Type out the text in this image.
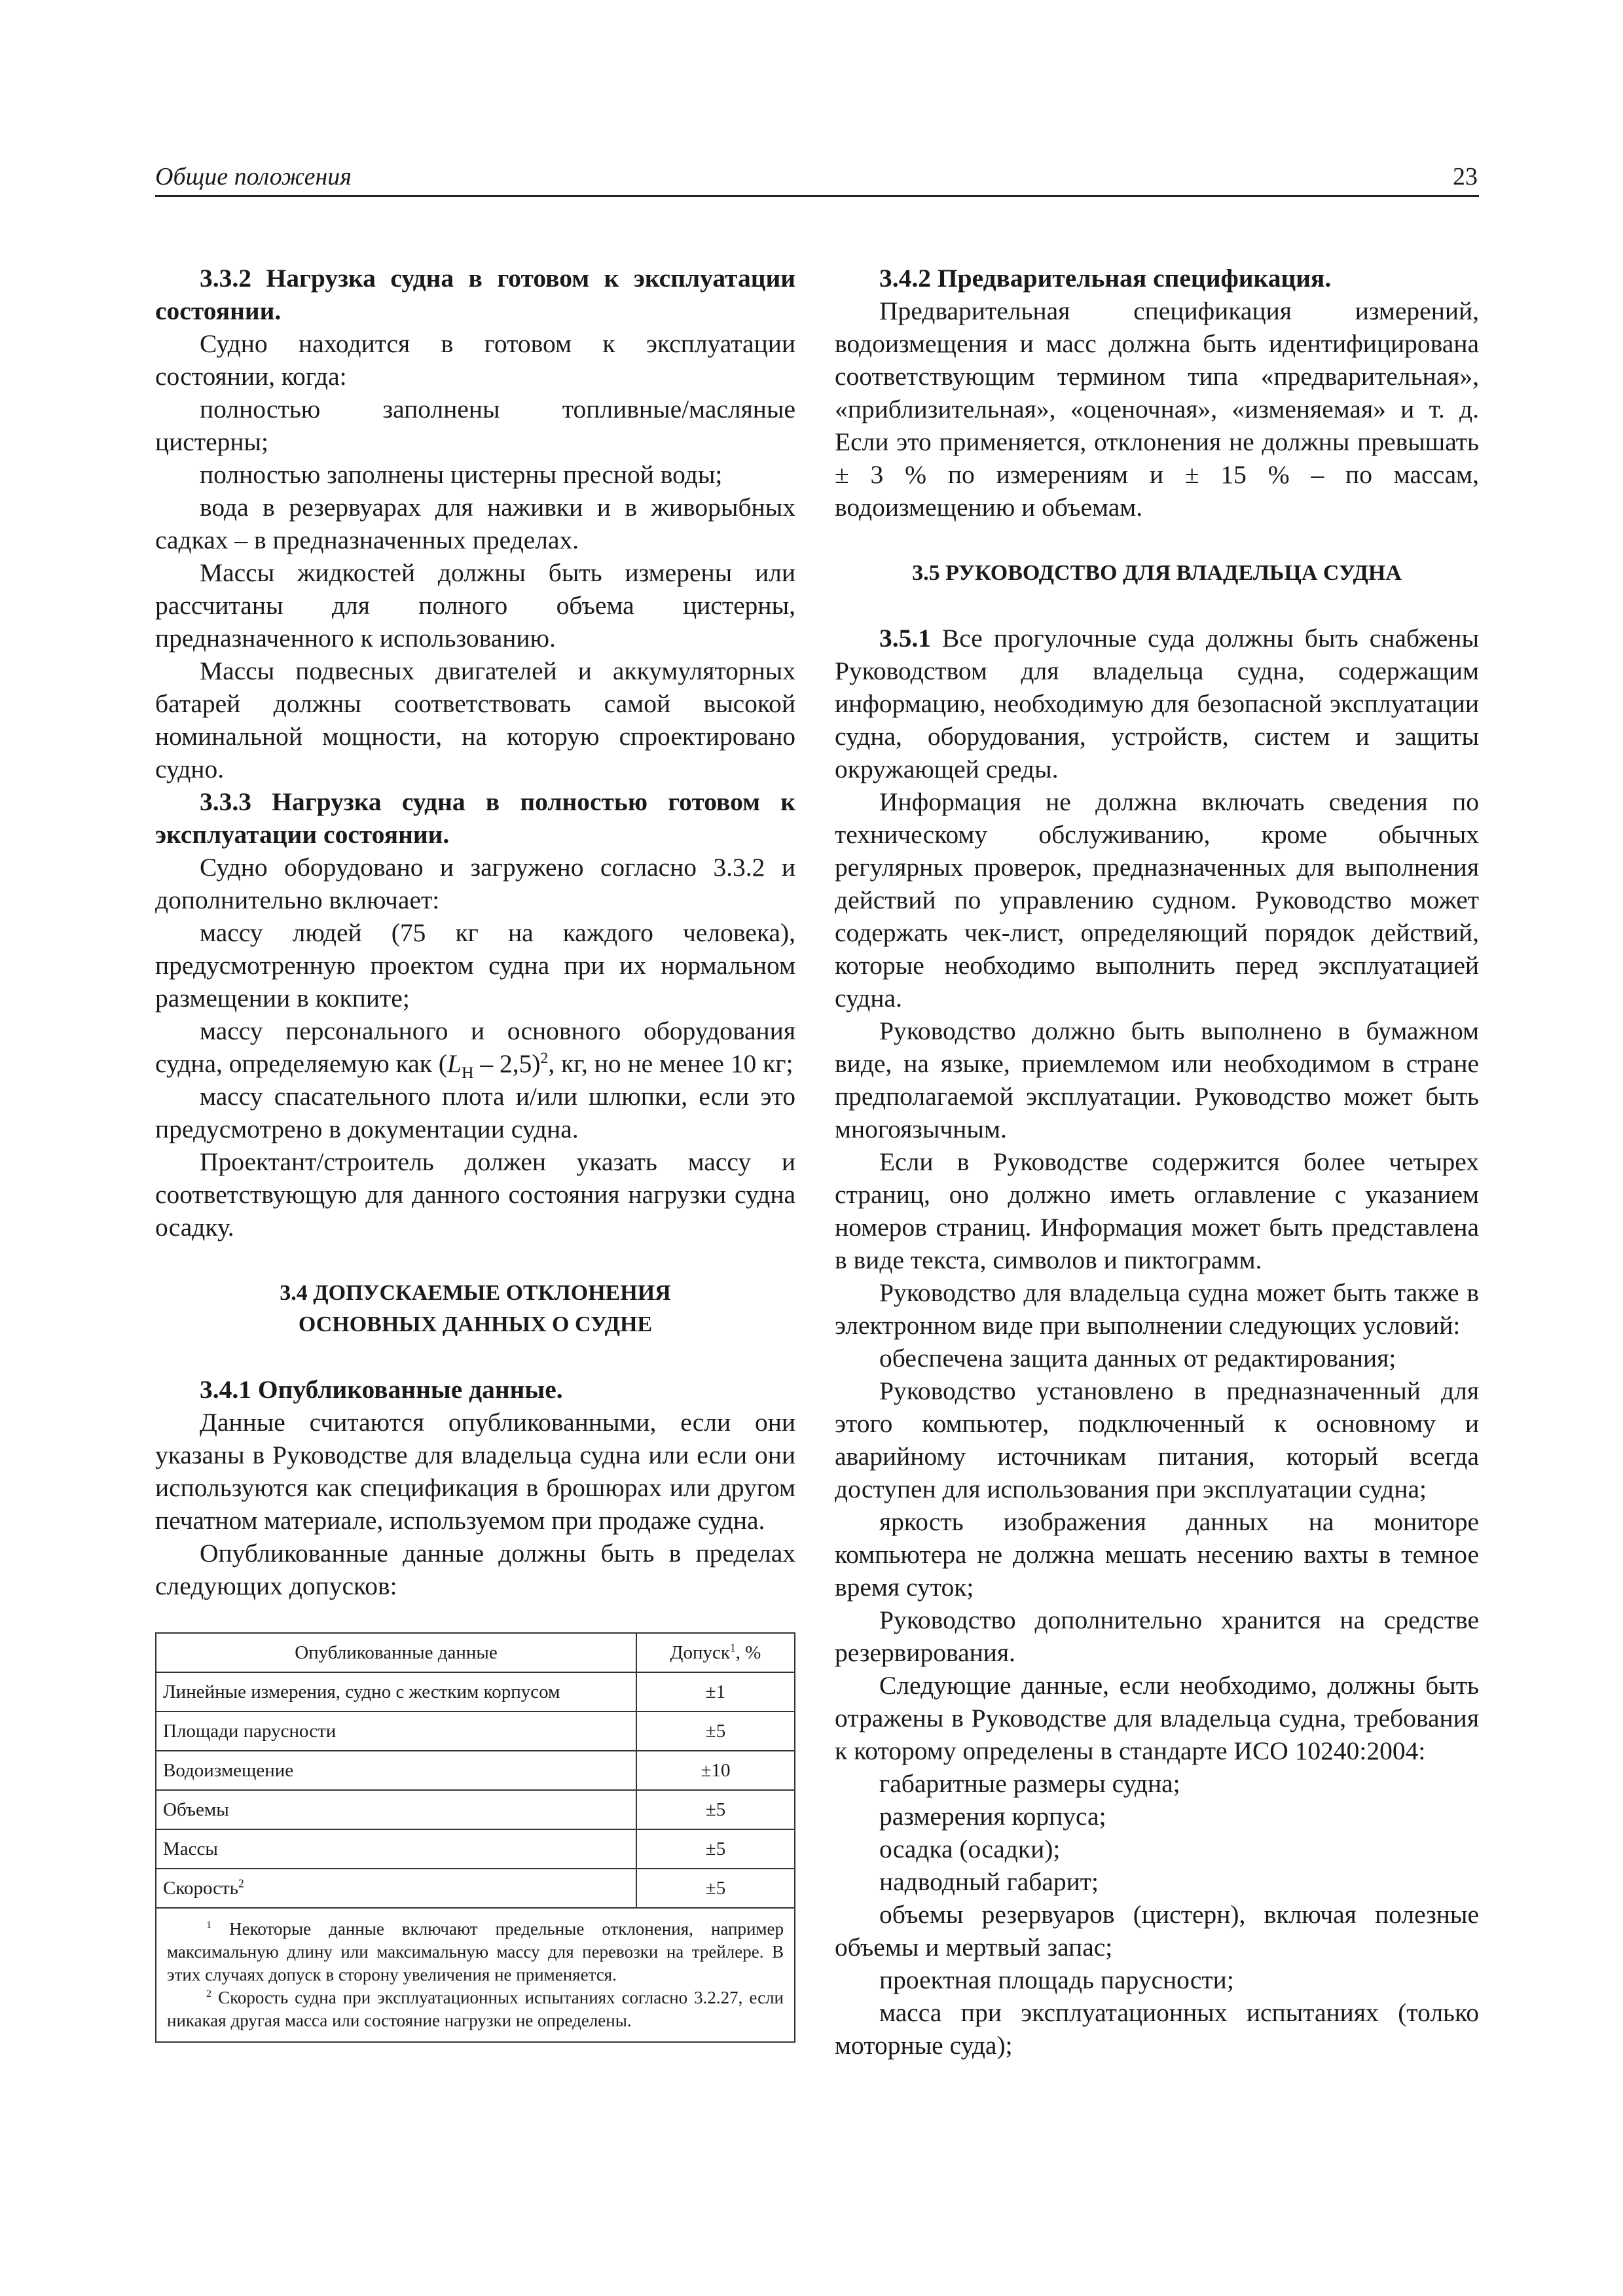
Общие положения	23

3.3.2 Нагрузка судна в готовом к эксплуатации состоянии.

Судно находится в готовом к эксплуатации состоянии, когда:

полностью заполнены топливные/масляные цистерны;

полностью заполнены цистерны пресной воды;

вода в резервуарах для наживки и в живорыбных садках – в предназначенных пределах.

Массы жидкостей должны быть измерены или рассчитаны для полного объема цистерны, предназначенного к использованию.

Массы подвесных двигателей и аккумуляторных батарей должны соответствовать самой высокой номинальной мощности, на которую спроектировано судно.

3.3.3 Нагрузка судна в полностью готовом к эксплуатации состоянии.

Судно оборудовано и загружено согласно 3.3.2 и дополнительно включает:

массу людей (75 кг на каждого человека), предусмотренную проектом судна при их нормальном размещении в кокпите;

массу персонального и основного оборудования судна, определяемую как $(L_H - 2,5)^2$, кг, но не менее 10 кг;

массу спасательного плота и/или шлюпки, если это предусмотрено в документации судна.

Проектант/строитель должен указать массу и соответствующую для данного состояния нагрузки судна осадку.

3.4 ДОПУСКАЕМЫЕ ОТКЛОНЕНИЯ
ОСНОВНЫХ ДАННЫХ О СУДНЕ

3.4.1 Опубликованные данные.

Данные считаются опубликованными, если они указаны в Руководстве для владельца судна или если они используются как спецификация в брошюрах или другом печатном материале, используемом при продаже судна.

Опубликованные данные должны быть в пределах следующих допусков:

Опубликованные данные	Допуск$^1$, %
Линейные измерения, судно с жестким корпусом	±1
Площади парусности	±5
Водоизмещение	±10
Объемы	±5
Массы	±5
Скорость$^2$	±5

$^1$ Некоторые данные включают предельные отклонения, например максимальную длину или максимальную массу для перевозки на трейлере. В этих случаях допуск в сторону увеличения не применяется.

$^2$ Скорость судна при эксплуатационных испытаниях согласно 3.2.27, если никакая другая масса или состояние нагрузки не определены.	

3.4.2 Предварительная спецификация.

Предварительная спецификация измерений, водоизмещения и масс должна быть идентифицирована соответствующим термином типа «предварительная», «приблизительная», «оценочная», «изменяемая» и т. д. Если это применяется, отклонения не должны превышать ± 3 % по измерениям и ± 15 % – по массам, водоизмещению и объемам.

3.5 РУКОВОДСТВО ДЛЯ ВЛАДЕЛЬЦА СУДНА

3.5.1 Все прогулочные суда должны быть снабжены Руководством для владельца судна, содержащим информацию, необходимую для безопасной эксплуатации судна, оборудования, устройств, систем и защиты окружающей среды.

Информация не должна включать сведения по техническому обслуживанию, кроме обычных регулярных проверок, предназначенных для выполнения действий по управлению судном. Руководство может содержать чек-лист, определяющий порядок действий, которые необходимо выполнить перед эксплуатацией судна.

Руководство должно быть выполнено в бумажном виде, на языке, приемлемом или необходимом в стране предполагаемой эксплуатации. Руководство может быть многоязычным.

Если в Руководстве содержится более четырех страниц, оно должно иметь оглавление с указанием номеров страниц. Информация может быть представлена в виде текста, символов и пиктограмм.

Руководство для владельца судна может быть также в электронном виде при выполнении следующих условий:

обеспечена защита данных от редактирования;

Руководство установлено в предназначенный для этого компьютер, подключенный к основному и аварийному источникам питания, который всегда доступен для использования при эксплуатации судна;

яркость изображения данных на мониторе компьютера не должна мешать несению вахты в темное время суток;

Руководство дополнительно хранится на средстве резервирования.

Следующие данные, если необходимо, должны быть отражены в Руководстве для владельца судна, требования к которому определены в стандарте ИСО 10240:2004:

габаритные размеры судна;

размерения корпуса;

осадка (осадки);

надводный габарит;

объемы резервуаров (цистерн), включая полезные объемы и мертвый запас;

проектная площадь парусности;

масса при эксплуатационных испытаниях (только моторные суда);
